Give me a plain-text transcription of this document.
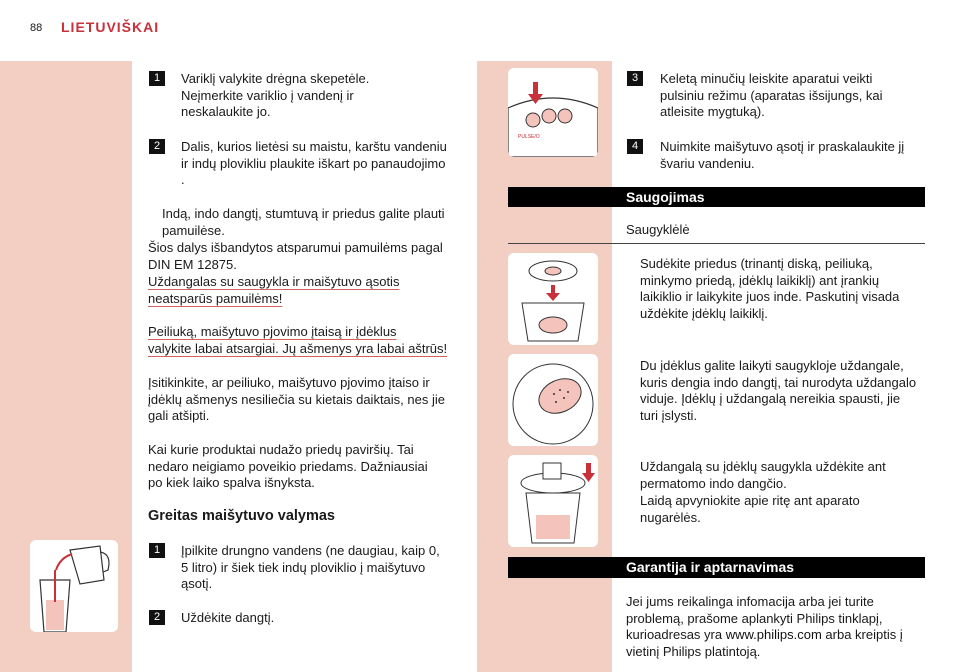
88 LIETUVIŠKAI
1	Variklį valykite drėgna skepetėle. Neįmerkite variklio į vandenį ir neskalaukite jo.
2	Dalis, kurios lietėsi su maistu, karštu vandeniu ir indų plovikliu plaukite iškart po panaudojimo .
Indą, indo dangtį, stumtuvą ir priedus galite plauti pamuilėse.
Šios dalys išbandytos atsparumui pamuilėms pagal
DIN EM 12875.
Uždangalas su saugykla ir maišytuvo ąsotis
neatsparūs pamuilėms!
Peiliuką, maišytuvo pjovimo įtaisą ir įdėklus
valykite labai atsargiai. Jų ašmenys yra labai aštrūs!
Įsitikinkite, ar peiliuko, maišytuvo pjovimo įtaiso ir įdėklų ašmenys nesiliečia su kietais daiktais, nes jie gali atšipti.
Kai kurie produktai nudažo priedų paviršių. Tai nedaro neigiamo poveikio priedams. Dažniausiai po kiek laiko spalva išnyksta.
Greitas maišytuvo valymas
1	Įpilkite drungno vandens (ne daugiau, kaip 0, 5 litro) ir šiek tiek indų ploviklio į maišytuvo ąsotį.
2	Uždėkite dangtį.
PULSE/O
3	Keletą minučių leiskite aparatui veikti pulsiniu režimu (aparatas išsijungs, kai atleisite mygtuką).
4	Nuimkite maišytuvo ąsotį ir praskalaukite jį švariu vandeniu.
Saugojimas
Saugyklėlė
Sudėkite priedus (trinantį diską, peiliuką, minkymo priedą, įdėklų laikiklį) ant įrankių laikiklio ir laikykite juos inde. Paskutinį visada uždėkite įdėklų laikiklį.
Du įdėklus galite laikyti saugykloje uždangale, kuris dengia indo dangtį, tai nurodyta uždangalo viduje. Įdėklų į uždangalą nereikia spausti, jie turi įslysti.
Uždangalą su įdėklų saugykla uždėkite ant permatomo indo dangčio.
Laidą apvyniokite apie ritę ant aparato nugarėlės.
Garantija ir aptarnavimas
Jei jums reikalinga infomacija arba jei turite problemą, prašome aplankyti Philips tinklapį, kurioadresas yra www.philips.com arba kreiptis į vietinį Philips platintoją.
